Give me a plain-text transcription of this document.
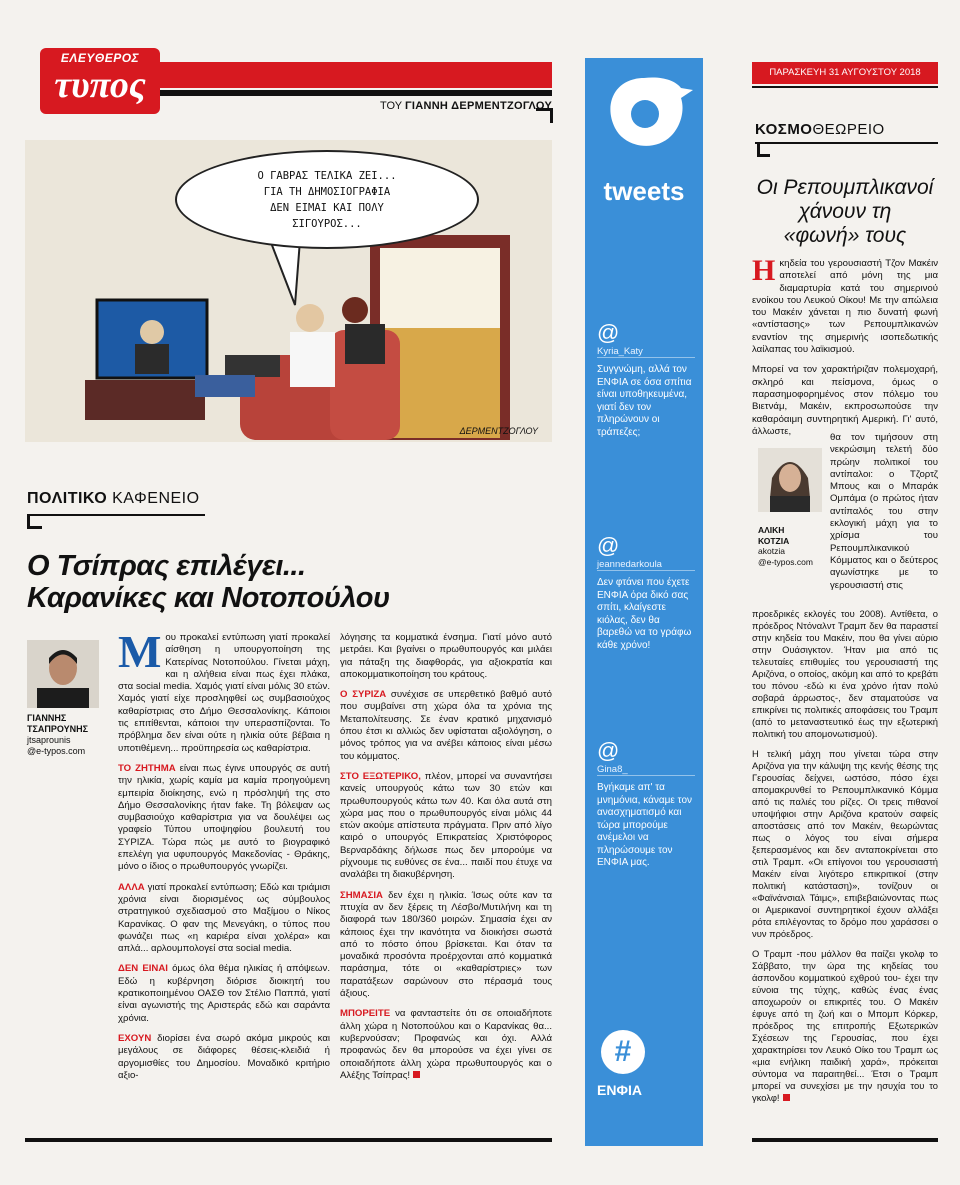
ΕΛΕΥΘΕΡΟΣ
τυπος	ΤΟΥ ΓΙΑΝΝΗ ΔΕΡΜΕΝΤΖΟΓΛΟΥ
Ο ΓΑΒΡΑΣ ΤΕΛΙΚΑ ΖΕΙ...
ΓΙΑ ΤΗ ΔΗΜΟΣΙΟΓΡΑΦΙΑ
ΔΕΝ ΕΙΜΑΙ ΚΑΙ ΠΟΛΥ
ΣΙΓΟΥΡΟΣ...
ΔΕΡΜΕΝΤΖΟΓΛΟΥ
ΠΟΛΙΤΙΚΟ ΚΑΦΕΝΕΙΟ
Ο Τσίπρας επιλέγει...
Καρανίκες και Νοτοπούλου
ΓΙΑΝΝΗΣ
ΤΣΑΠΡΟΥΝΗΣ
jtsaprounis
@e-typos.com

Μου προκαλεί εντύπωση γιατί προκαλεί αίσθηση η υπουργοποίηση της Κατερίνας Νοτοπούλου. Γίνεται μάχη, και η αλήθεια είναι πως έχει πλάκα, στα social media. Χαμός γιατί είναι μόλις 30 ετών. Χαμός γιατί είχε προσληφθεί ως συμβασιούχος καθαρίστριας στο Δήμο Θεσσαλονίκης. Κάποιοι τις επιτίθενται, κάποιοι την υπερασπίζονται. Το πρόβλημα δεν είναι ούτε η ηλικία ούτε βέβαια η υποτιθέμενη... προϋπηρεσία ως καθαρίστρια.

ΤΟ ΖΗΤΗΜΑ είναι πως έγινε υπουργός σε αυτή την ηλικία, χωρίς καμία μα καμία προηγούμενη εμπειρία διοίκησης, ενώ η πρόσληψή της στο Δήμο Θεσσαλονίκης ήταν fake. Τη βόλεψαν ως συμβασιούχο καθαρίστρια για να δουλέψει ως γραφείο Τύπου υποψηφίου βουλευτή του ΣΥΡΙΖΑ. Τώρα πώς με αυτό το βιογραφικό επελέγη για υφυπουργός Μακεδονίας - Θράκης, μόνο ο ίδιος ο πρωθυπουργός γνωρίζει.

ΑΛΛΑ γιατί προκαλεί εντύπωση; Εδώ και τριάμισι χρόνια είναι διορισμένος ως σύμβουλος στρατηγικού σχεδιασμού στο Μαξίμου ο Νίκος Καρανίκας. Ο φαν της Μενεγάκη, ο τύπος που φωνάζει πως «η καριέρα είναι χολέρα» και απλά... αρλουμπολογεί στα social media.

ΔΕΝ ΕΙΝΑΙ όμως όλα θέμα ηλικίας ή απόψεων. Εδώ η κυβέρνηση διόρισε διοικητή του κρατικοποιημένου ΟΑΣΘ τον Στέλιο Παππά, γιατί είναι αγωνιστής της Αριστεράς εδώ και σαράντα χρόνια.

ΕΧΟΥΝ διορίσει ένα σωρό ακόμα μικρούς και μεγάλους σε διάφορες θέσεις-κλειδιά ή αργομισθίες του Δημοσίου. Μοναδικό κριτήριο αξιο-

λόγησης τα κομματικά ένσημα. Γιατί μόνο αυτό μετράει. Και βγαίνει ο πρωθυπουργός και μιλάει για πάταξη της διαφθοράς, για αξιοκρατία και αποκομματικοποίηση του κράτους.

Ο ΣΥΡΙΖΑ συνέχισε σε υπερθετικό βαθμό αυτό που συμβαίνει στη χώρα όλα τα χρόνια της Μεταπολίτευσης. Σε έναν κρατικό μηχανισμό όπου έτσι κι αλλιώς δεν υφίσταται αξιολόγηση, ο μόνος τρόπος για να ανέβει κάποιος είναι μέσω του κόμματος.

ΣΤΟ ΕΞΩΤΕΡΙΚΟ, πλέον, μπορεί να συναντήσει κανείς υπουργούς κάτω των 30 ετών και πρωθυπουργούς κάτω των 40. Και όλα αυτά στη χώρα μας που ο πρωθυπουργός είναι μόλις 44 ετών ακούμε απίστευτα πράγματα. Πριν από λίγο καιρό ο υπουργός Επικρατείας Χριστόφορος Βερναρδάκης δήλωσε πως δεν μπορούμε να ρίχνουμε τις ευθύνες σε ένα... παιδί που έτυχε να αναλάβει τη διακυβέρνηση.

ΣΗΜΑΣΙΑ δεν έχει η ηλικία. Ίσως ούτε καν τα πτυχία αν δεν ξέρεις τη Λέσβο/Μυτιλήνη και τη διαφορά των 180/360 μοιρών. Σημασία έχει αν κάποιος έχει την ικανότητα να διοικήσει σωστά από το πόστο όπου βρίσκεται. Και όταν τα μοναδικά προσόντα προέρχονται από κομματικά παράσημα, τότε οι «καθαρίστριες» των παρατάξεων σαρώνουν στο πέρασμά τους άξιους.

ΜΠΟΡΕΙΤΕ να φανταστείτε ότι σε οποιαδήποτε άλλη χώρα η Νοτοπούλου και ο Καρανίκας θα... κυβερνούσαν; Προφανώς και όχι. Αλλά προφανώς δεν θα μπορούσε να έχει γίνει σε οποιαδήποτε άλλη χώρα πρωθυπουργός και ο Αλέξης Τσίπρας!

tweets
@
Kyria_Katy
Συγγνώμη, αλλά τον ΕΝΦΙΑ σε όσα σπίτια είναι υποθηκευμένα, γιατί δεν τον πληρώνουν οι τράπεζες;
@
jeannedarkoula
Δεν φτάνει που έχετε ΕΝΦΙΑ όρα δικό σας σπίτι, κλαίγεστε κιόλας, δεν θα βαρεθώ να το γράφω κάθε χρόνο!
@
Gina8_
Βγήκαμε απ' τα μνημόνια, κάναμε τον ανασχηματισμό και τώρα μπορούμε ανέμελοι να πληρώσουμε τον ΕΝΦΙΑ μας.
#
ΕΝΦΙΑ
ΠΑΡΑΣΚΕΥΗ 31 ΑΥΓΟΥΣΤΟΥ 2018
ΚΟΣΜΟΘΕΩΡΕΙΟ
Οι Ρεπουμπλικανοί
χάνουν τη
«φωνή» τους

Ηκηδεία του γερουσιαστή Τζον Μακέιν αποτελεί από μόνη της μια διαμαρτυρία κατά του σημερινού ενοίκου του Λευκού Οίκου! Με την απώλεια του Μακέιν χάνεται η πιο δυνατή φωνή «αντίστασης» των Ρεπουμπλικανών εναντίον της σημερινής ισοπεδωτικής λαίλαπας του λαϊκισμού.

Μπορεί να τον χαρακτήριζαν πολεμοχαρή, σκληρό και πείσμονα, όμως ο παρασημοφορημένος στον πόλεμο του Βιετνάμ, Μακέιν, εκπροσωπούσε την καθαρόαιμη συντηρητική Αμερική. Γι' αυτό, άλλωστε,

ΑΛΙΚΗ
ΚΟΤΖΙΑ
akotzia
@e-typos.com

θα τον τιμήσουν στη νεκρώσιμη τελετή δύο πρώην πολιτικοί του αντίπαλοι: ο Τζορτζ Μπους και ο Μπαράκ Ομπάμα (ο πρώτος ήταν αντίπαλός του στην εκλογική μάχη για το χρίσμα του Ρεπουμπλικανικού Κόμματος και ο δεύτερος αγωνίστηκε με το γερουσιαστή στις

προεδρικές εκλογές του 2008). Αντίθετα, ο πρόεδρος Ντόναλντ Τραμπ δεν θα παραστεί στην κηδεία του Μακέιν, που θα γίνει αύριο στην Ουάσιγκτον. Ήταν μια από τις τελευταίες επιθυμίες του γερουσιαστή της Αριζόνα, ο οποίος, ακόμη και από το κρεβάτι του πόνου -εδώ κι ένα χρόνο ήταν πολύ σοβαρά άρρωστος-, δεν σταματούσε να επικρίνει τις πολιτικές αποφάσεις του Τραμπ (από το μεταναστευτικό έως την εξωτερική πολιτική του απομονωτισμού).

Η τελική μάχη που γίνεται τώρα στην Αριζόνα για την κάλυψη της κενής θέσης της Γερουσίας δείχνει, ωστόσο, πόσο έχει απομακρυνθεί το Ρεπουμπλικανικό Κόμμα από τις παλιές του ρίζες. Οι τρεις πιθανοί υποψήφιοι στην Αριζόνα κρατούν σαφείς αποστάσεις από τον Μακέιν, θεωρώντας πως ο λόγος του είναι σήμερα ξεπερασμένος και δεν ανταποκρίνεται στο στιλ Τραμπ. «Οι επίγονοι του γερουσιαστή Μακέιν είναι λιγότερο επικριτικοί (στην πολιτική κατάσταση)», τονίζουν οι «Φαϊνάνσιαλ Τάιμς», επιβεβαιώνοντας πως οι Αμερικανοί συντηρητικοί έχουν αλλάξει ρότα επιλέγοντας το δρόμο που χαράσσει ο νυν πρόεδρος.

Ο Τραμπ -που μάλλον θα παίζει γκολφ το Σάββατο, την ώρα της κηδείας του άσπονδου κομματικού εχθρού του- έχει την εύνοια της τύχης, καθώς ένας ένας αποχωρούν οι επικριτές του. Ο Μακέιν έφυγε από τη ζωή και ο Μπομπ Κόρκερ, πρόεδρος της επιτροπής Εξωτερικών Σχέσεων της Γερουσίας, που έχει χαρακτηρίσει τον Λευκό Οίκο του Τραμπ ως «μια ενήλικη παιδική χαρά», πρόκειται σύντομα να παραιτηθεί... Έτσι ο Τραμπ μπορεί να συνεχίσει με την ησυχία του το γκολφ!
